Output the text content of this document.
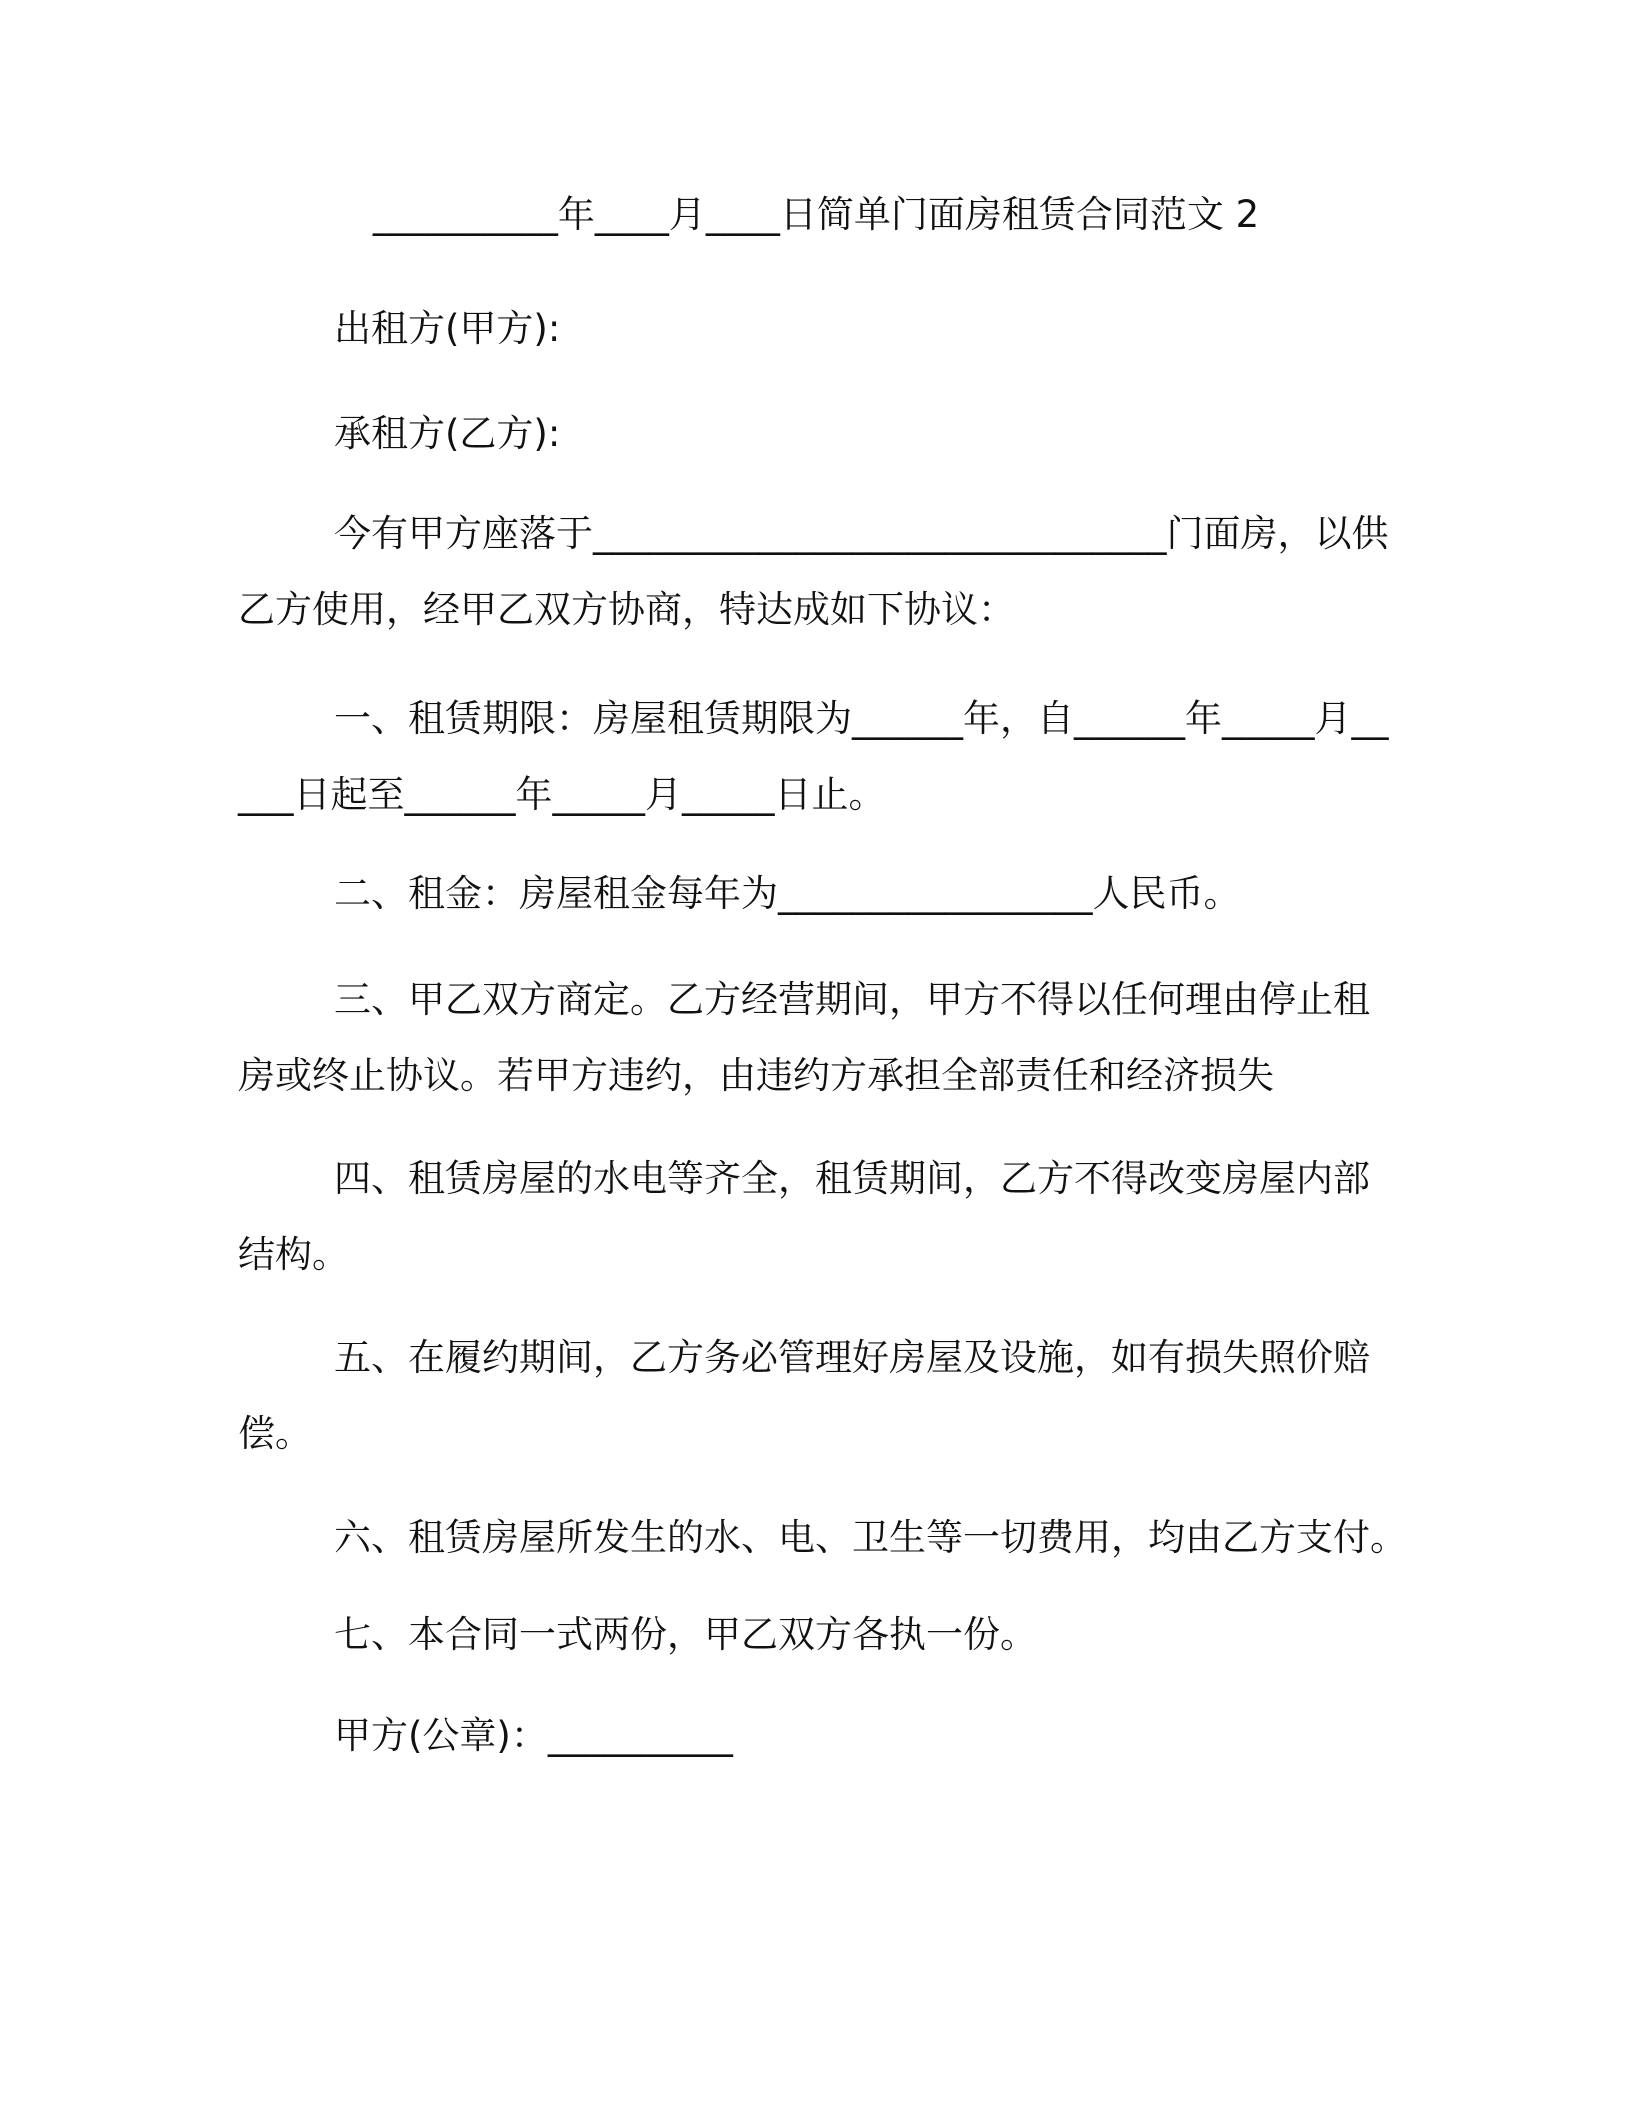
__________年____月____日简单门面房租赁合同范文 2
出租方(甲方):
承租方(乙方):
今有甲方座落于_______________________________门面房，以供乙方使用，经甲乙双方协商，特达成如下协议：
一、租赁期限：房屋租赁期限为______年，自______年_____月_____日起至______年_____月_____日止。
二、租金：房屋租金每年为_________________人民币。
三、甲乙双方商定。乙方经营期间，甲方不得以任何理由停止租房或终止协议。若甲方违约，由违约方承担全部责任和经济损失
四、租赁房屋的水电等齐全，租赁期间，乙方不得改变房屋内部结构。
五、在履约期间，乙方务必管理好房屋及设施，如有损失照价赔偿。
六、租赁房屋所发生的水、电、卫生等一切费用，均由乙方支付。
七、本合同一式两份，甲乙双方各执一份。
甲方(公章)：__________
